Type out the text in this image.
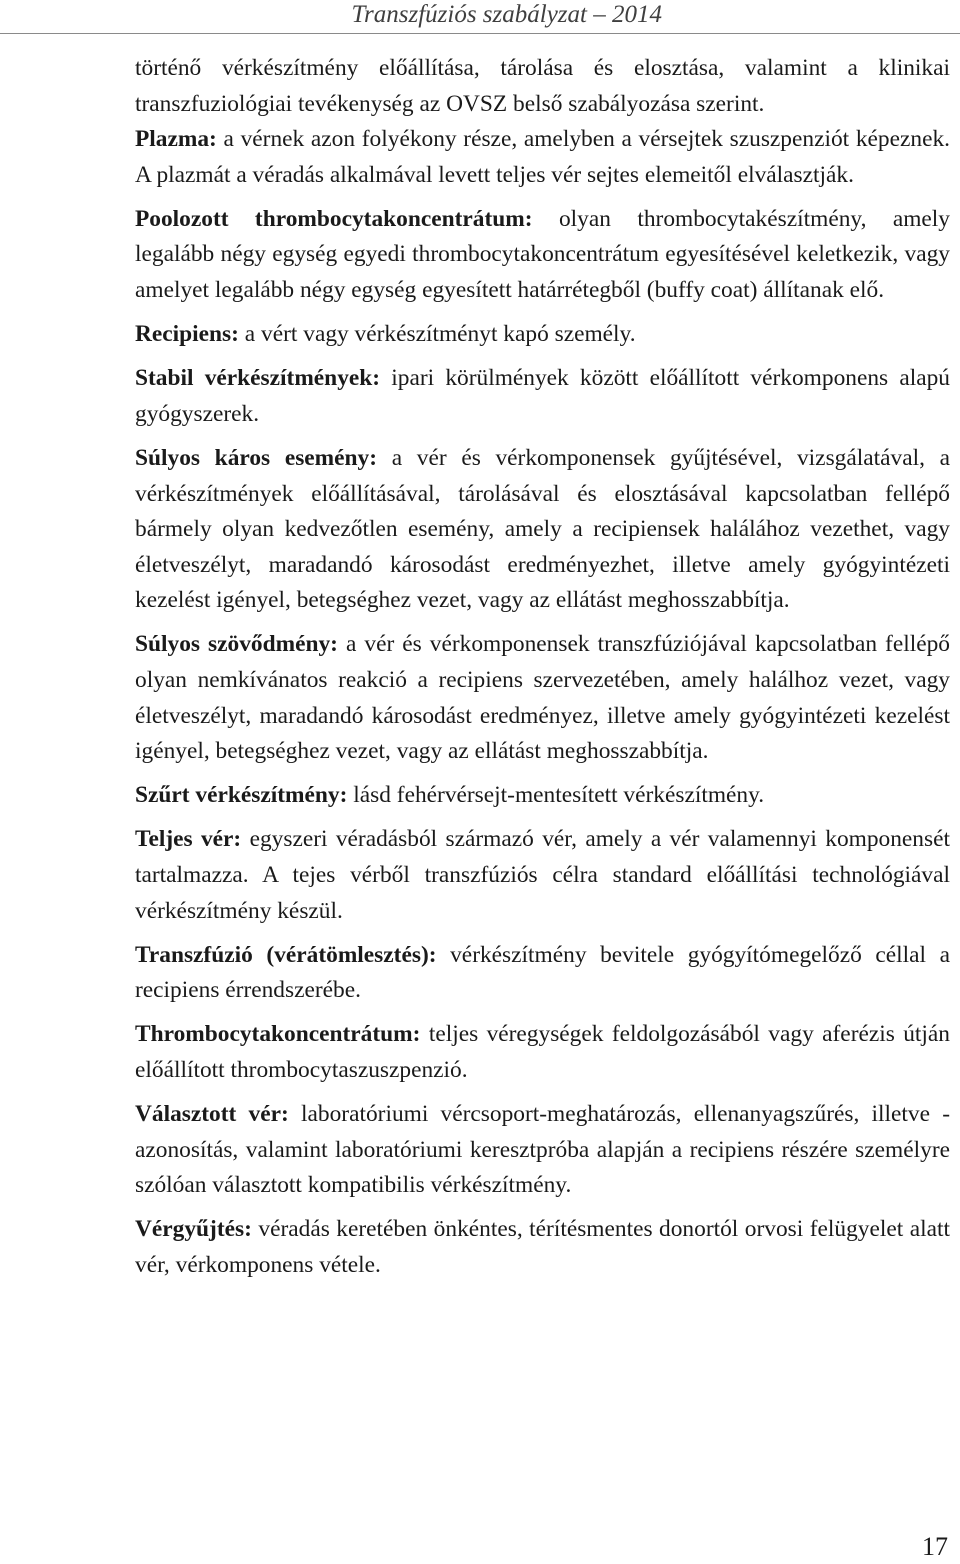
Transzfúziós szabályzat – 2014

történő vérkészítmény előállítása, tárolása és elosztása, valamint a klinikai transzfuziológiai tevékenység az OVSZ belső szabályozása szerint.

Plazma: a vérnek azon folyékony része, amelyben a vérsejtek szuszpenziót képeznek. A plazmát a véradás alkalmával levett teljes vér sejtes elemeitől elválasztják.

Poolozott thrombocytakoncentrátum: olyan thrombocytakészítmény, amely legalább négy egység egyedi thrombocytakoncentrátum egyesítésével keletkezik, vagy amelyet legalább négy egység egyesített határrétegből (buffy coat) állítanak elő.

Recipiens: a vért vagy vérkészítményt kapó személy.

Stabil vérkészítmények: ipari körülmények között előállított vérkomponens alapú gyógyszerek.

Súlyos káros esemény: a vér és vérkomponensek gyűjtésével, vizsgálatával, a vérkészítmények előállításával, tárolásával és elosztásával kapcsolatban fellépő bármely olyan kedvezőtlen esemény, amely a recipiensek halálához vezethet, vagy életveszélyt, maradandó károsodást eredményezhet, illetve amely gyógyintézeti kezelést igényel, betegséghez vezet, vagy az ellátást meghosszabbítja.

Súlyos szövődmény: a vér és vérkomponensek transzfúziójával kapcsolatban fellépő olyan nemkívánatos reakció a recipiens szervezetében, amely halálhoz vezet, vagy életveszélyt, maradandó károsodást eredményez, illetve amely gyógyintézeti kezelést igényel, betegséghez vezet, vagy az ellátást meghosszabbítja.

Szűrt vérkészítmény: lásd fehérvérsejt-mentesített vérkészítmény.

Teljes vér: egyszeri véradásból származó vér, amely a vér valamennyi komponensét tartalmazza. A tejes vérből transzfúziós célra standard előállítási technológiával vérkészítmény készül.

Transzfúzió (vérátömlesztés): vérkészítmény bevitele gyógyítómegelőző céllal a recipiens érrendszerébe.

Thrombocytakoncentrátum: teljes véregységek feldolgozásából vagy aferézis útján előállított thrombocytaszuszpenzió.

Választott vér: laboratóriumi vércsoport-meghatározás, ellenanyagszűrés, illetve -azonosítás, valamint laboratóriumi keresztpróba alapján a recipiens részére személyre szólóan választott kompatibilis vérkészítmény.

Vérgyűjtés: véradás keretében önkéntes, térítésmentes donortól orvosi felügyelet alatt vér, vérkomponens vétele.

17
